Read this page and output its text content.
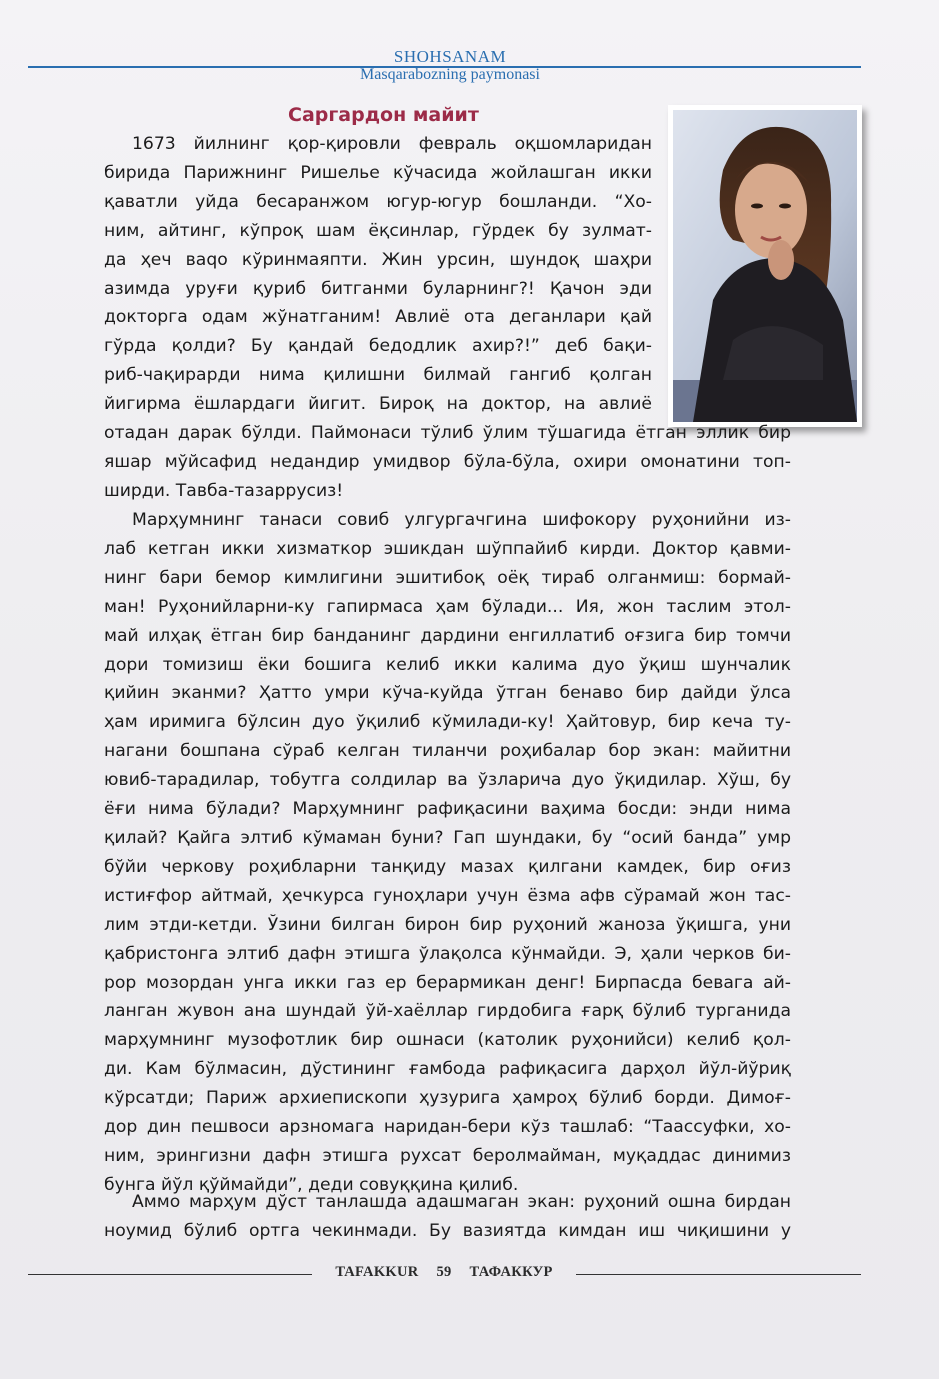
SHOHSANAM
Masqarabozning paymonasi
Саргардон майит
1673 йилнинг қор-қировли февраль оқшомларидан
бирида Парижнинг Ришелье кўчасида жойлашган икки
қаватли уйда бесаранжом югур-югур бошланди. “Хо-
ним, айтинг, кўпроқ шам ёқсинлар, гўрдек бу зулмат-
да ҳеч ваqо кўринмаяпти. Жин урсин, шундоқ шаҳри
азимда уруғи қуриб битганми буларнинг?! Қачон эди
докторга одам жўнатганим! Авлиё ота деганлари қай
гўрда қолди? Бу қандай бедодлик ахир?!” деб бақи-
риб-чақирарди нима қилишни билмай гангиб қолган
йигирма ёшлардаги йигит. Бироқ на доктор, на авлиё
отадан дарак бўлди. Паймонаси тўлиб ўлим тўшагида ётган эллик бир
яшар мўйсафид недандир умидвор бўла-бўла, охири омонатини топ-
ширди. Тавба-тазаррусиз!
Марҳумнинг танаси совиб улгургачгина шифокору руҳонийни из-
лаб кетган икки хизматкор эшикдан шўппайиб кирди. Доктор қавми-
нинг бари бемор кимлигини эшитибоқ оёқ тираб олганмиш: бормай-
ман! Руҳонийларни-ку гапирмаса ҳам бўлади... Ия, жон таслим этол-
май илҳақ ётган бир банданинг дардини енгиллатиб оғзига бир томчи
дори томизиш ёки бошига келиб икки калима дуо ўқиш шунчалик
қийин эканми? Ҳатто умри кўча-куйда ўтган бенаво бир дайди ўлса
ҳам иримига бўлсин дуо ўқилиб кўмилади-ку! Ҳайтовур, бир кеча ту-
нагани бошпана сўраб келган тиланчи роҳибалар бор экан: майитни
ювиб-тарадилар, тобутга солдилар ва ўзларича дуо ўқидилар. Хўш, бу
ёғи нима бўлади? Марҳумнинг рафиқасини ваҳима босди: энди нима
қилай? Қайга элтиб кўмаман буни? Гап шундаки, бу “осий банда” умр
бўйи черкову роҳибларни танқиду мазах қилгани камдек, бир оғиз
истиғфор айтмай, ҳечкурса гуноҳлари учун ёзма афв сўрамай жон тас-
лим этди-кетди. Ўзини билган бирон бир руҳоний жаноза ўқишга, уни
қабристонга элтиб дафн этишга ўлақолса кўнмайди. Э, ҳали черков би-
рор мозордан унга икки газ ер берармикан денг! Бирпасда бевага ай-
ланган жувон ана шундай ўй-хаёллар гирдобига ғарқ бўлиб турганида
марҳумнинг музофотлик бир ошнаси (католик руҳонийси) келиб қол-
ди. Кам бўлмасин, дўстининг ғамбода рафиқасига дарҳол йўл-йўриқ
кўрсатди; Париж архиепископи ҳузурига ҳамроҳ бўлиб борди. Димоғ-
дор дин пешвоси арзномага наридан-бери кўз ташлаб: “Таассуфки, хо-
ним, эрингизни дафн этишга рухсат беролмайман, муқаддас динимиз
бунга йўл қўймайди”, деди совуққина қилиб.
Аммо марҳум дўст танлашда адашмаган экан: руҳоний ошна бирдан
ноумид бўлиб ортга чекинмади. Бу вазиятда кимдан иш чиқишини у
TAFAKKUR 59 ТАФАККУР
